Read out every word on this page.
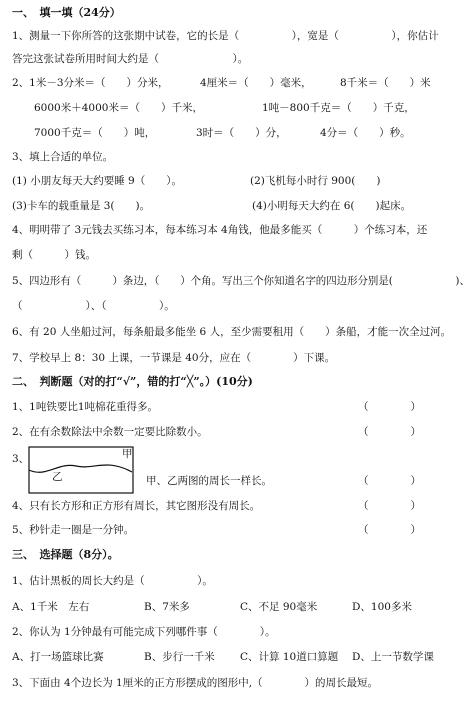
一、　填一填（24分）
1、测量一下你所答的这张期中试卷，它的长是（　　　　　），宽是（　　　　　），你估计
答完这张试卷所用时间大约是（　　　　　　　）。
2、1米－3分米＝（　　）分米，	4厘米＝（　　）毫米，	8千米＝（　　）米
6000米＋4000米＝（　　）千米，	1吨－800千克＝（　　）千克，
7000千克＝（　　）吨，	3时＝（　　）分，	4分＝（　　）秒。
3、填上合适的单位。
(1) 小朋友每天大约要睡 9（　　）。	(2)飞机每小时行 900(　　)
(3)卡车的载重量是 3(　　)。	(4)小明每天大约在 6(　　)起床。
4、明明带了 3元钱去买练习本，每本练习本 4角钱，他最多能买（　　　）个练习本，还
剩（　　　）钱。
5、四边形有（　　　）条边，（　　）个角。写出三个你知道名字的四边形分别是(　　　　　　)、
（　　　　　　）、（　　　　　）。
6、有 20 人坐船过河，每条船最多能坐 6 人，至少需要租用（　　）条船，才能一次全过河。
7、学校早上 8：30 上课，一节课是 40分，应在（　　　　）下课。
二、　判断题（对的打“√”，错的打“╳”。）(10分)
1、1吨铁要比1吨棉花重得多。	（　　　　）
2、在有余数除法中余数一定要比除数小。	（　　　　）
3、
乙
甲
甲、乙两图的周长一样长。	（　　　　）
4、只有长方形和正方形有周长，其它图形没有周长。	（　　　　）
5、秒针走一圈是一分钟。	（　　　　）
三、　选择题（8分）。
1、估计黑板的周长大约是（　　　　　）。
A、1千米　左右	B、7米多	C、不足 90毫米	D、100多米
2、你认为 1分钟最有可能完成下列哪件事（　　　　）。
A、打一场篮球比赛	B、步行一千米 C、计算 10道口算题 D、上一节数学课
3、下面由 4个边长为 1厘米的正方形摆成的图形中,（　　　　）的周长最短。
